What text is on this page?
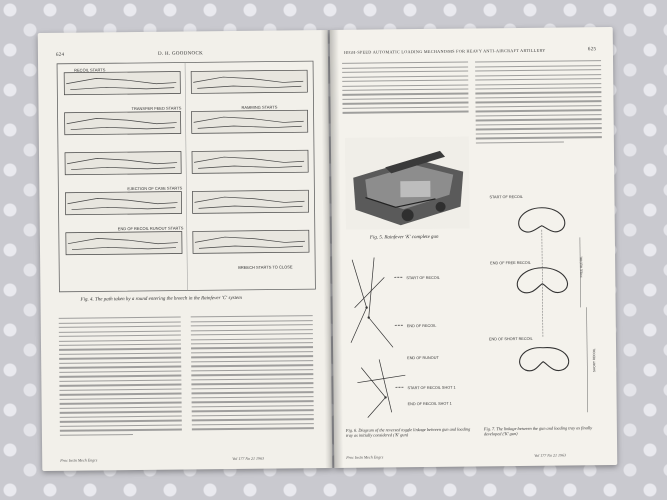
624	D. H. GOODNOCK
RECOIL STARTS
TRANSFER FEED STARTS	RAMMING STARTS
EJECTION OF CASE STARTS
END OF RECOIL RUNOUT STARTS
BREECH STARTS TO CLOSE
Fig. 4. The path taken by a round entering the breech in the Rainfever 'C' system
Proc Instn Mech Engrs	Vol 177 No 21 1963
HIGH-SPEED AUTOMATIC LOADING MECHANISMS FOR HEAVY ANTI-AIRCRAFT ARTILLERY	625
Fig. 5. Rainfever 'K' complete gun
START OF RECOIL
END OF RECOIL
END OF RUNOUT
START OF RECOIL SHOT 1
END OF RECOIL SHOT 1
Fig. 6. Diagram of the reversed toggle linkage between gun and loading tray as initially considered ('K' gun)
START OF RECOIL
END OF FREE RECOIL
END OF SHORT RECOIL
FREE RECOIL
SHORT RECOIL
Fig. 7. The linkage between the gun and loading tray as finally developed ('K' gun)
Proc Instn Mech Engrs	Vol 177 No 21 1963
